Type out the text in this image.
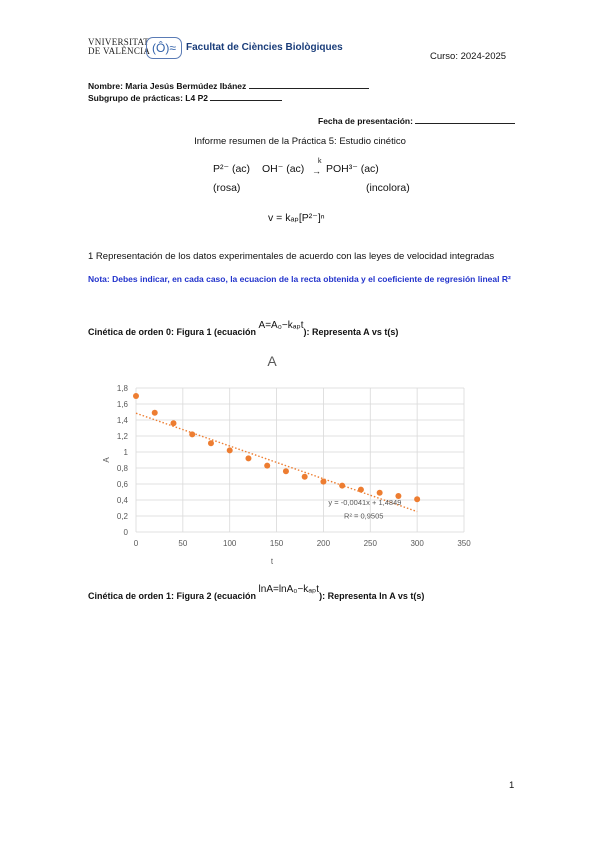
VNIVERSITAT
DE VALÈNCIA (Ô)≈	Facultat de Ciències Biològiques
Curso: 2024-2025
Nombre: Maria Jesús Bermúdez Ibánez
Subgrupo de prácticas: L4 P2
Fecha de presentación:
Informe resumen de la Práctica 5: Estudio cinético
P²⁻ (ac) OH⁻ (ac)
k
→ POH³⁻ (ac)
(rosa)	(incolora)
v = kₐₚ[P²⁻]ⁿ
1 Representación de los datos experimentales de acuerdo con las leyes de velocidad integradas
Nota: Debes indicar, en cada caso, la ecuacion de la recta obtenida y el coeficiente de regresión lineal R²
Cinética de orden 0: Figura 1 (ecuación A=A₀−kₐₚt): Representa A vs t(s)
A
0
0,2
0,4
0,6
0,8
1
1,2
1,4
1,6
1,8
0	50	100	150	200	250	300	350
t
A
y = -0,0041x + 1,4849
R² = 0,9505
Cinética de orden 1: Figura 2 (ecuación lnA=lnA₀−kₐₚt): Representa ln A vs t(s)
1
